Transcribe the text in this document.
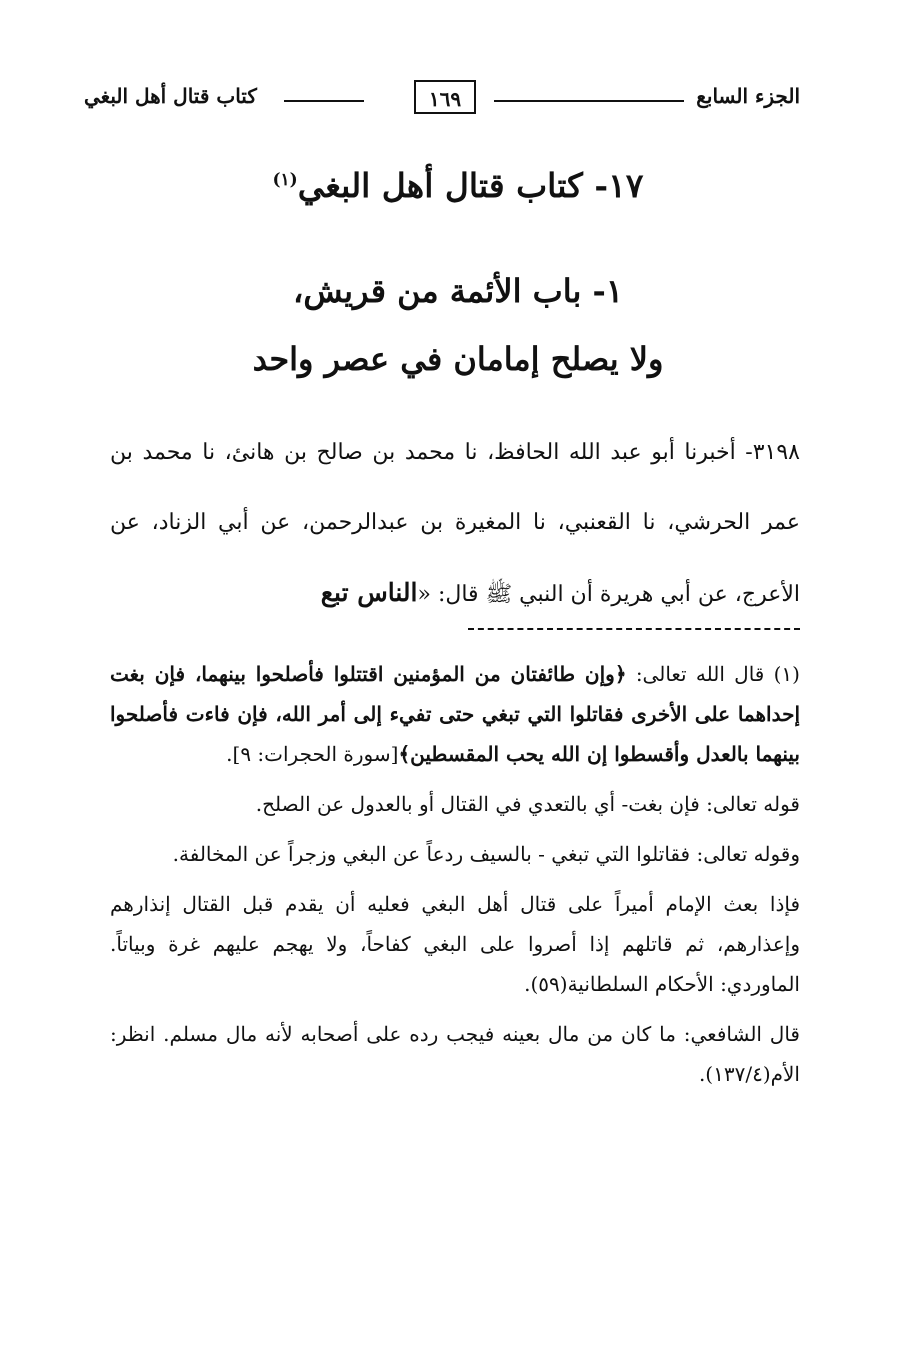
الجزء السابع
١٦٩
كتاب قتال أهل البغي
١٧- كتاب قتال أهل البغي$^{(١)}$
١- باب الأئمة من قريش،
ولا يصلح إمامان في عصر واحد
٣١٩٨- أخبرنا أبو عبد الله الحافظ، نا محمد بن صالح بن هانئ، نا محمد بن عمر الحرشي، نا القعنبي، نا المغيرة بن عبدالرحمن، عن أبي الزناد، عن الأعرج، عن أبي هريرة أن النبي ﷺ قال: «الناس تبع

(١) قال الله تعالى: ﴿وإن طائفتان من المؤمنين اقتتلوا فأصلحوا بينهما، فإن بغت إحداهما على الأخرى فقاتلوا التي تبغي حتى تفيء إلى أمر الله، فإن فاءت فأصلحوا بينهما بالعدل وأقسطوا إن الله يحب المقسطين﴾[سورة الحجرات: ٩].

قوله تعالى: فإن بغت- أي بالتعدي في القتال أو بالعدول عن الصلح.

وقوله تعالى: فقاتلوا التي تبغي - بالسيف ردعاً عن البغي وزجراً عن المخالفة.

فإذا بعث الإمام أميراً على قتال أهل البغي فعليه أن يقدم قبل القتال إنذارهم وإعذارهم، ثم قاتلهم إذا أصروا على البغي كفاحاً، ولا يهجم عليهم غرة وبياتاً. الماوردي: الأحكام السلطانية(٥٩).

قال الشافعي: ما كان من مال بعينه فيجب رده على أصحابه لأنه مال مسلم. انظر: الأم(١٣٧/٤).
